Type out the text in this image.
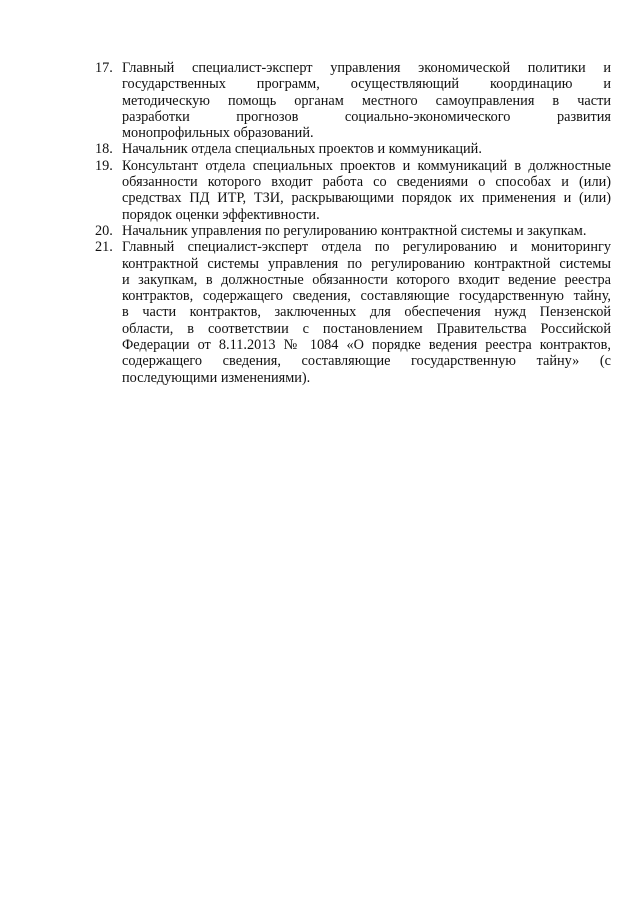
17. Главный специалист-эксперт управления экономической политики и
государственных программ, осуществляющий координацию и
методическую помощь органам местного самоуправления в части
разработки прогнозов социально-экономического развития
монопрофильных образований.

18. Начальник отдела специальных проектов и коммуникаций.

19. Консультант отдела специальных проектов и коммуникаций в должностные
обязанности которого входит работа со сведениями о способах и (или)
средствах ПД ИТР, ТЗИ, раскрывающими порядок их применения и (или)
порядок оценки эффективности.

20. Начальник управления по регулированию контрактной системы и закупкам.

21. Главный специалист-эксперт отдела по регулированию и мониторингу
контрактной системы управления по регулированию контрактной системы
и закупкам, в должностные обязанности которого входит ведение реестра
контрактов, содержащего сведения, составляющие государственную тайну,
в части контрактов, заключенных для обеспечения нужд Пензенской
области, в соответствии с постановлением Правительства Российской
Федерации от 8.11.2013 № 1084 «О порядке ведения реестра контрактов,
содержащего сведения, составляющие государственную тайну» (с
последующими изменениями).
